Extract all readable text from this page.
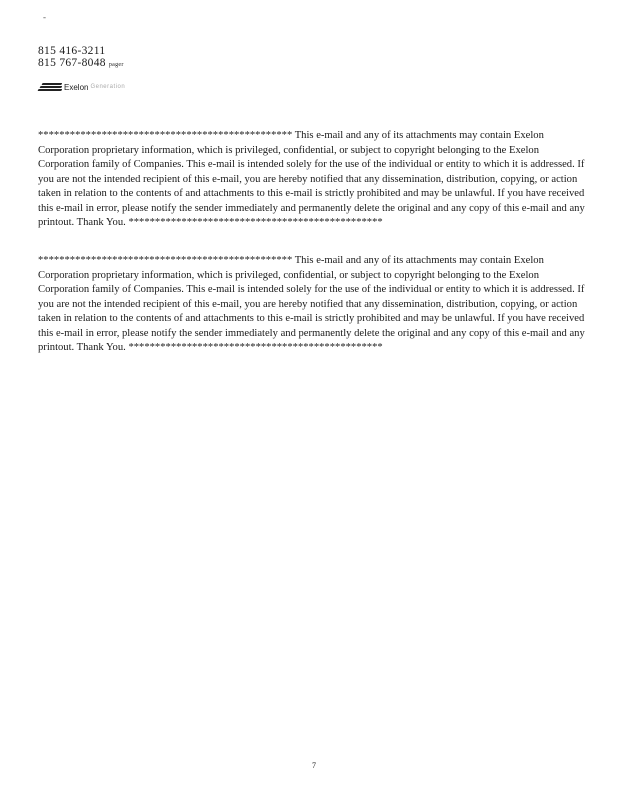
-
815 416-3211
815 767-8048 pager
Exelon Generation

************************************************ This e-mail and any of its attachments may contain Exelon Corporation proprietary information, which is privileged, confidential, or subject to copyright belonging to the Exelon Corporation family of Companies. This e-mail is intended solely for the use of the individual or entity to which it is addressed. If you are not the intended recipient of this e-mail, you are hereby notified that any dissemination, distribution, copying, or action taken in relation to the contents of and attachments to this e-mail is strictly prohibited and may be unlawful. If you have received this e-mail in error, please notify the sender immediately and permanently delete the original and any copy of this e-mail and any printout. Thank You. ************************************************

************************************************ This e-mail and any of its attachments may contain Exelon Corporation proprietary information, which is privileged, confidential, or subject to copyright belonging to the Exelon Corporation family of Companies. This e-mail is intended solely for the use of the individual or entity to which it is addressed. If you are not the intended recipient of this e-mail, you are hereby notified that any dissemination, distribution, copying, or action taken in relation to the contents of and attachments to this e-mail is strictly prohibited and may be unlawful. If you have received this e-mail in error, please notify the sender immediately and permanently delete the original and any copy of this e-mail and any printout. Thank You. ************************************************

7
